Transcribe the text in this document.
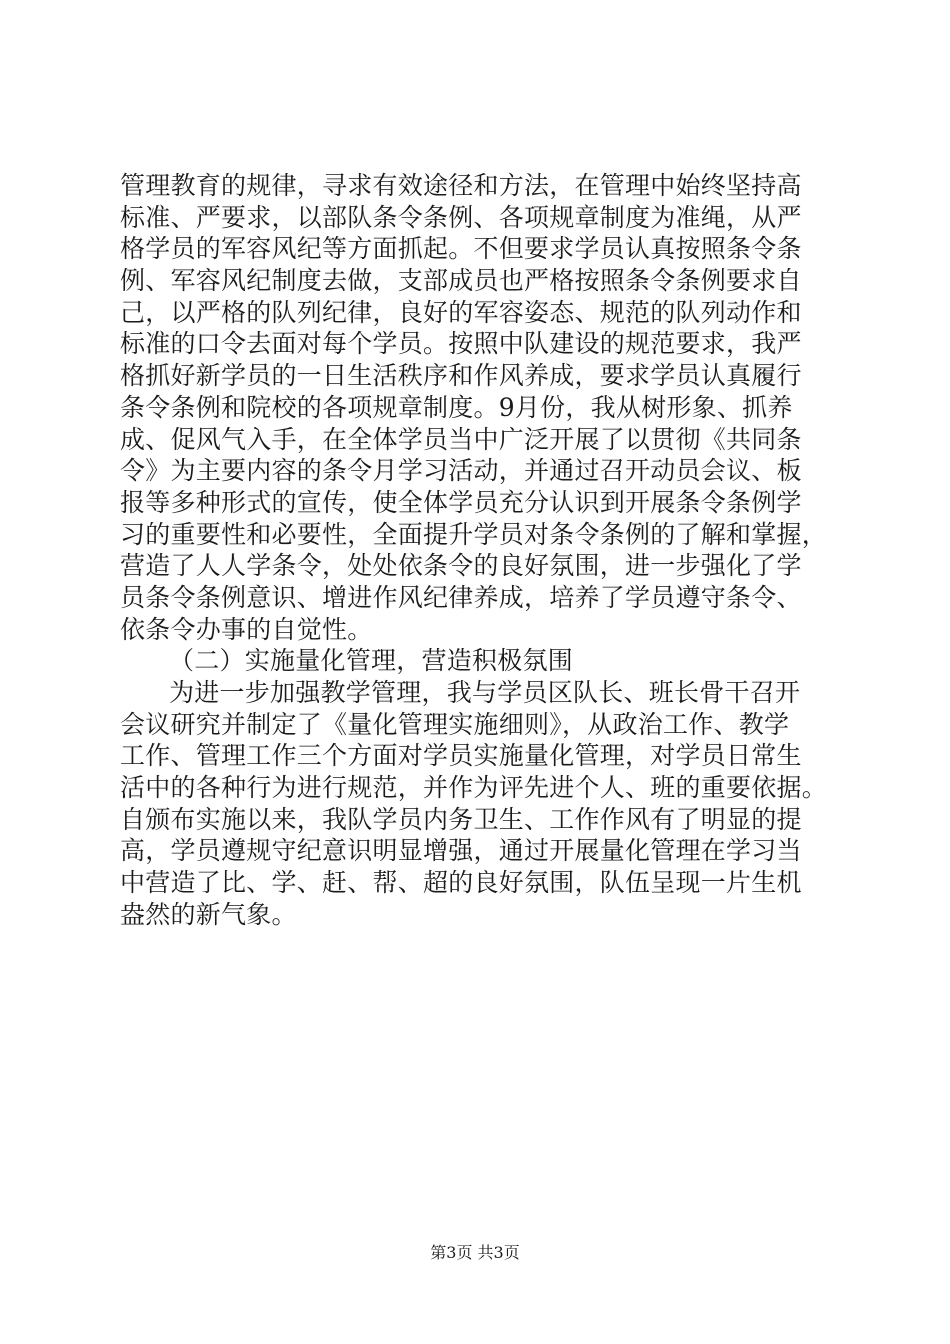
管理教育的规律，寻求有效途径和方法，在管理中始终坚持高
标准、严要求，以部队条令条例、各项规章制度为准绳，从严
格学员的军容风纪等方面抓起。不但要求学员认真按照条令条
例、军容风纪制度去做，支部成员也严格按照条令条例要求自
己，以严格的队列纪律，良好的军容姿态、规范的队列动作和
标准的口令去面对每个学员。按照中队建设的规范要求，我严
格抓好新学员的一日生活秩序和作风养成，要求学员认真履行
条令条例和院校的各项规章制度。9月份，我从树形象、抓养
成、促风气入手，在全体学员当中广泛开展了以贯彻《共同条
令》为主要内容的条令月学习活动，并通过召开动员会议、板
报等多种形式的宣传，使全体学员充分认识到开展条令条例学
习的重要性和必要性，全面提升学员对条令条例的了解和掌握，
营造了人人学条令，处处依条令的良好氛围，进一步强化了学
员条令条例意识、增进作风纪律养成，培养了学员遵守条令、
依条令办事的自觉性。
（二）实施量化管理，营造积极氛围
为进一步加强教学管理，我与学员区队长、班长骨干召开
会议研究并制定了《量化管理实施细则》，从政治工作、教学
工作、管理工作三个方面对学员实施量化管理，对学员日常生
活中的各种行为进行规范，并作为评先进个人、班的重要依据。
自颁布实施以来，我队学员内务卫生、工作作风有了明显的提
高，学员遵规守纪意识明显增强，通过开展量化管理在学习当
中营造了比、学、赶、帮、超的良好氛围，队伍呈现一片生机
盎然的新气象。
第3页 共3页
